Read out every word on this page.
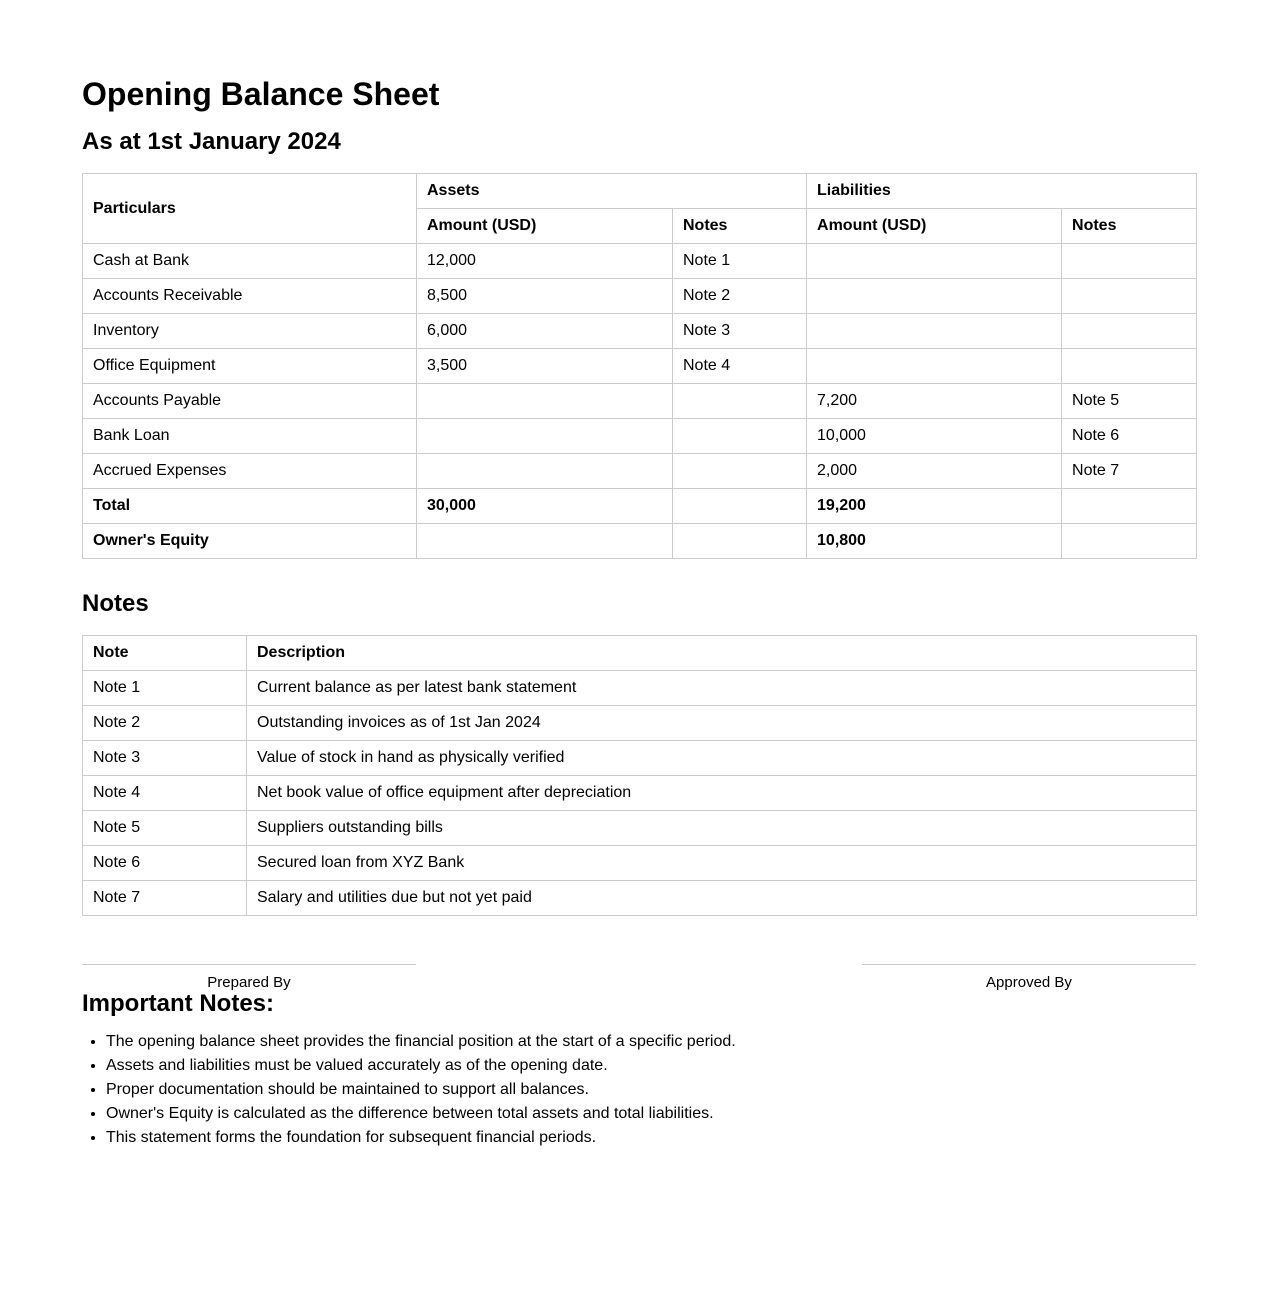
Opening Balance Sheet
As at 1st January 2024
Particulars	Assets		Liabilities	
	Amount (USD)	Notes	Amount (USD)	Notes
Cash at Bank	12,000	Note 1		
Accounts Receivable	8,500	Note 2		
Inventory	6,000	Note 3		
Office Equipment	3,500	Note 4		
Accounts Payable			7,200	Note 5
Bank Loan			10,000	Note 6
Accrued Expenses			2,000	Note 7
Total	30,000		19,200	
Owner's Equity			10,800	
Notes
Note	Description
Note 1	Current balance as per latest bank statement
Note 2	Outstanding invoices as of 1st Jan 2024
Note 3	Value of stock in hand as physically verified
Note 4	Net book value of office equipment after depreciation
Note 5	Suppliers outstanding bills
Note 6	Secured loan from XYZ Bank
Note 7	Salary and utilities due but not yet paid
Prepared By	Approved By
Important Notes:
• The opening balance sheet provides the financial position at the start of a specific period.
• Assets and liabilities must be valued accurately as of the opening date.
• Proper documentation should be maintained to support all balances.
• Owner's Equity is calculated as the difference between total assets and total liabilities.
• This statement forms the foundation for subsequent financial periods.
